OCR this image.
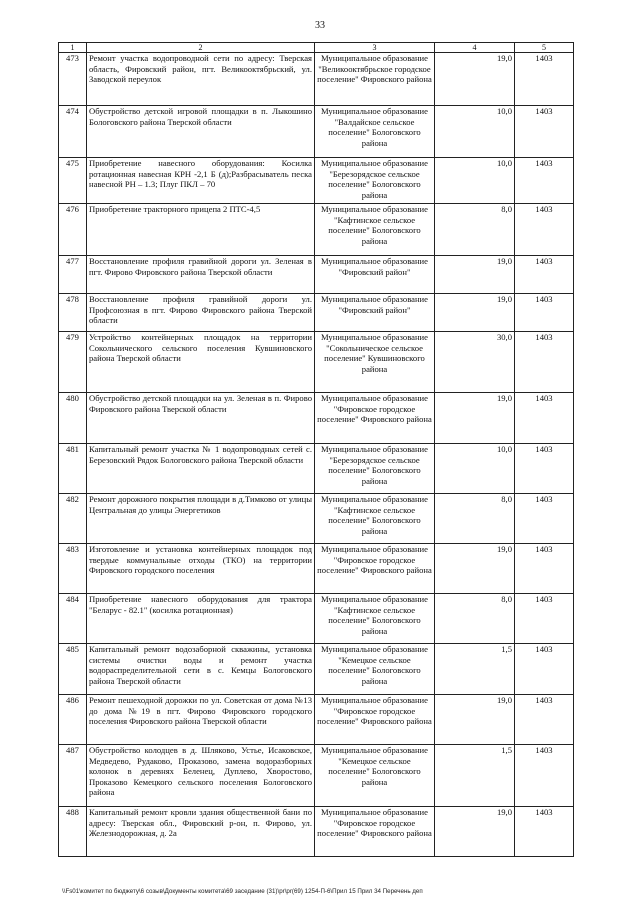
33
1	2	3	4	5
473	Ремонт участка водопроводной сети по адресу: Тверская область, Фировский район, пгт. Великооктябрьский, ул. Заводской переулок	Муниципальное образование "Великооктябрьское городское поселение" Фировского района	19,0	1403
474	Обустройство детской игровой площадки в п. Лыкошино Бологовского района Тверской области	Муниципальное образование "Валдайское сельское поселение" Бологовского района	10,0	1403
475	Приобретение навесного оборудования: Косилка ротационная навесная КРН -2,1 Б (д);Разбрасыватель песка навесной РН – 1.3; Плуг ПКЛ – 70	Муниципальное образование "Березорядское сельское поселение" Бологовского района	10,0	1403
476	Приобретение тракторного прицепа 2 ПТС-4,5	Муниципальное образование "Кафтинское сельское поселение" Бологовского района	8,0	1403
477	Восстановление профиля гравийной дороги ул. Зеленая в пгт. Фирово Фировского района Тверской области	Муниципальное образование "Фировский район"	19,0	1403
478	Восстановление профиля гравийной дороги ул. Профсоюзная в пгт. Фирово Фировского района Тверской области	Муниципальное образование "Фировский район"	19,0	1403
479	Устройство контейнерных площадок на территории Сокольнического сельского поселения Кувшиновского района Тверской области	Муниципальное образование "Сокольническое сельское поселение" Кувшиновского района	30,0	1403
480	Обустройство детской площадки на ул. Зеленая в п. Фирово Фировского района Тверской области	Муниципальное образование "Фировское городское поселение" Фировского района	19,0	1403
481	Капитальный ремонт участка № 1 водопроводных сетей с. Березовский Рядок Бологовского района Тверской области	Муниципальное образование "Березорядское сельское поселение" Бологовского района	10,0	1403
482	Ремонт дорожного покрытия площади в д.Тимково от улицы Центральная до улицы Энергетиков	Муниципальное образование "Кафтинское сельское поселение" Бологовского района	8,0	1403
483	Изготовление и установка контейнерных площадок под твердые коммунальные отходы (ТКО) на территории Фировского городского поселения	Муниципальное образование "Фировское городское поселение" Фировского района	19,0	1403
484	Приобретение навесного оборудования для трактора "Беларус - 82.1" (косилка ротационная)	Муниципальное образование "Кафтинское сельское поселение" Бологовского района	8,0	1403
485	Капитальный ремонт водозаборной скважины, установка системы очистки воды и ремонт участка водораспределительной сети в с. Кемцы Бологовского района Тверской области	Муниципальное образование "Кемецкое сельское поселение" Бологовского района	1,5	1403
486	Ремонт пешеходной дорожки по ул. Советская от дома №13 до дома №19 в пгт. Фирово Фировского городского поселения Фировского района Тверской области	Муниципальное образование "Фировское городское поселение" Фировского района	19,0	1403
487	Обустройство колодцев в д. Шляково, Устье, Исаковское, Медведево, Рудаково, Проказово, замена водоразборных колонок в деревнях Беленец, Дуплево, Хворостово, Проказово Кемецкого сельского поселения Бологовского района	Муниципальное образование "Кемецкое сельское поселение" Бологовского района	1,5	1403
488	Капитальный ремонт кровли здания общественной бани по адресу: Тверская обл., Фировский р-он, п. Фирово, ул. Железнодорожная, д. 2а	Муниципальное образование "Фировское городское поселение" Фировского района	19,0	1403
\\Fs01\комитет по бюджету\6 созыв\Документы комитета\69 заседание (31)\pr\pr(69) 1254-П-6\Прил 15 Прил 34 Перечень деп
